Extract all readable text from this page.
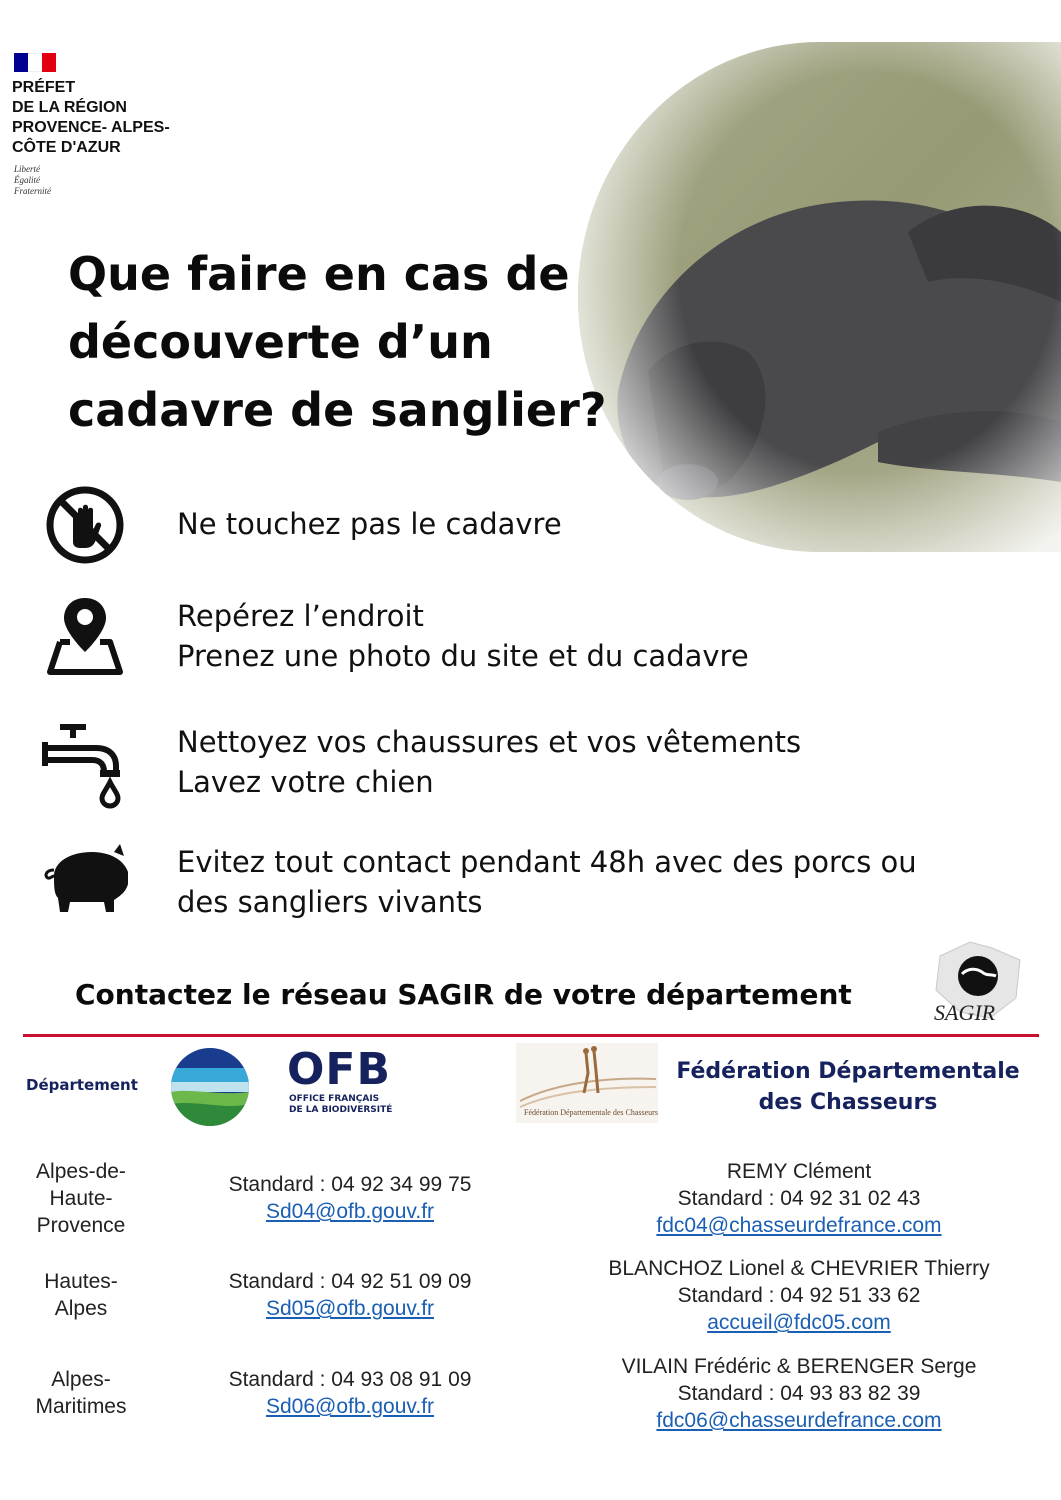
PRÉFET
DE LA RÉGION
PROVENCE- ALPES-
CÔTE D'AZUR
Liberté
Égalité
Fraternité
Que faire en cas de
découverte d’un
cadavre de sanglier?
Ne touchez pas le cadavre
Repérez l’endroit
Prenez une photo du site et du cadavre
Nettoyez vos chaussures et vos vêtements
Lavez votre chien
Evitez tout contact pendant 48h avec des porcs ou
des sangliers vivants
Contactez le réseau SAGIR de votre département
SAGIR
Département	OFB
OFFICE FRANÇAIS
DE LA BIODIVERSITÉ	Fédération Départementale des Chasseurs
Fédération Départementale
des Chasseurs
Alpes-de-
Haute-
Provence
Standard : 04 92 34 99 75
Sd04@ofb.gouv.fr
REMY Clément
Standard : 04 92 31 02 43
fdc04@chasseurdefrance.com
Hautes-
Alpes
Standard : 04 92 51 09 09
Sd05@ofb.gouv.fr
BLANCHOZ Lionel & CHEVRIER Thierry
Standard : 04 92 51 33 62
accueil@fdc05.com
Alpes-
Maritimes
Standard : 04 93 08 91 09
Sd06@ofb.gouv.fr
VILAIN Frédéric & BERENGER Serge
Standard : 04 93 83 82 39
fdc06@chasseurdefrance.com
